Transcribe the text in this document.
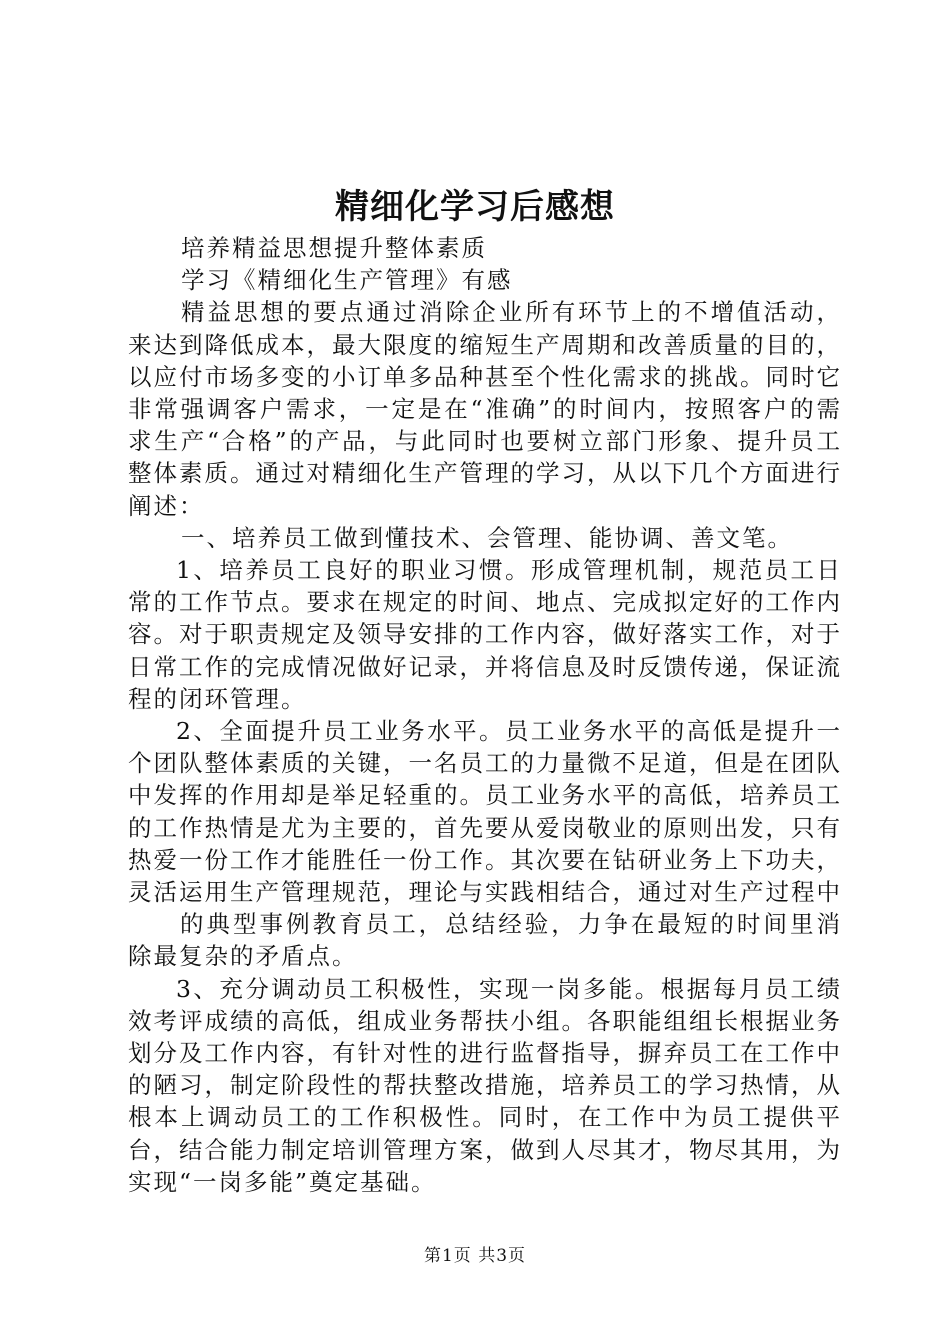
精细化学习后感想

培养精益思想提升整体素质

学习《精细化生产管理》有感

精益思想的要点通过消除企业所有环节上的不增值活动，来达到降低成本，最大限度的缩短生产周期和改善质量的目的，以应付市场多变的小订单多品种甚至个性化需求的挑战。同时它非常强调客户需求，一定是在“准确”的时间内，按照客户的需求生产“合格”的产品，与此同时也要树立部门形象、提升员工整体素质。通过对精细化生产管理的学习，从以下几个方面进行阐述：

一、培养员工做到懂技术、会管理、能协调、善文笔。

1、培养员工良好的职业习惯。形成管理机制，规范员工日常的工作节点。要求在规定的时间、地点、完成拟定好的工作内容。对于职责规定及领导安排的工作内容，做好落实工作，对于日常工作的完成情况做好记录，并将信息及时反馈传递，保证流程的闭环管理。

2、全面提升员工业务水平。员工业务水平的高低是提升一个团队整体素质的关键，一名员工的力量微不足道，但是在团队中发挥的作用却是举足轻重的。员工业务水平的高低，培养员工的工作热情是尤为主要的，首先要从爱岗敬业的原则出发，只有热爱一份工作才能胜任一份工作。其次要在钻研业务上下功夫，灵活运用生产管理规范，理论与实践相结合，通过对生产过程中

的典型事例教育员工，总结经验，力争在最短的时间里消除最复杂的矛盾点。

3、充分调动员工积极性，实现一岗多能。根据每月员工绩效考评成绩的高低，组成业务帮扶小组。各职能组组长根据业务划分及工作内容，有针对性的进行监督指导，摒弃员工在工作中的陋习，制定阶段性的帮扶整改措施，培养员工的学习热情，从根本上调动员工的工作积极性。同时，在工作中为员工提供平台，结合能力制定培训管理方案，做到人尽其才，物尽其用，为实现“一岗多能”奠定基础。

第1页 共3页
